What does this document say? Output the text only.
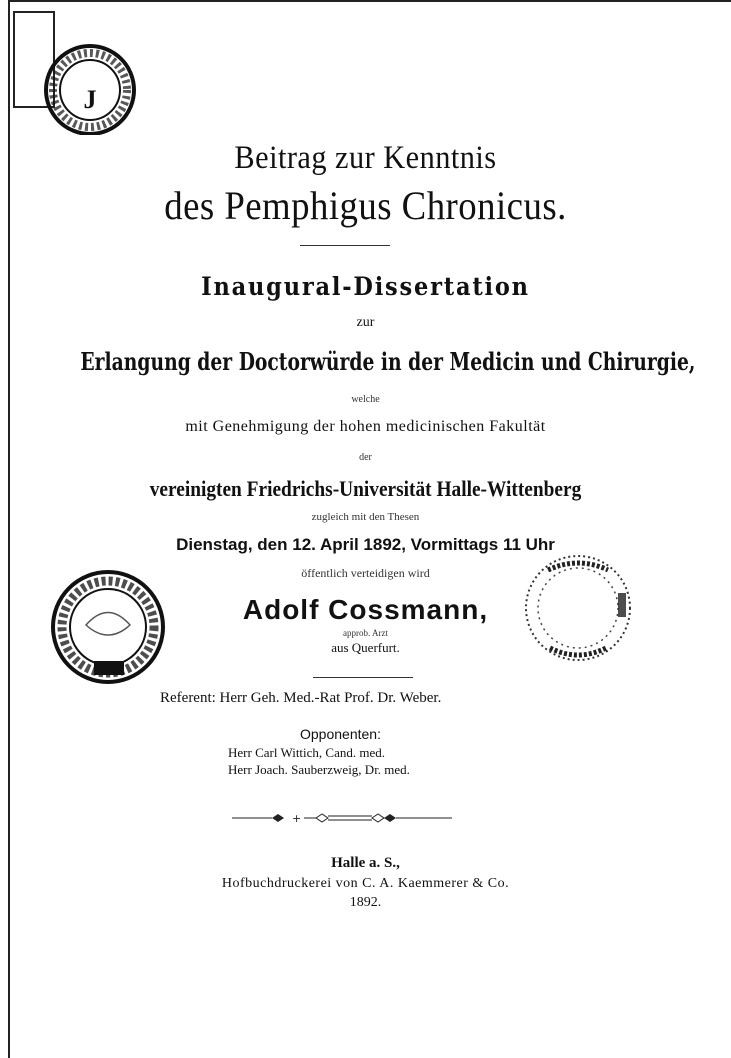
J
Beitrag zur Kenntnis
des Pemphigus Chronicus.
Inaugural-Dissertation
zur
Erlangung der Doctorwürde in der Medicin und Chirurgie,
welche
mit Genehmigung der hohen medicinischen Fakultät
der
vereinigten Friedrichs-Universität Halle-Wittenberg
zugleich mit den Thesen
Dienstag, den 12. April 1892, Vormittags 11 Uhr
öffentlich verteidigen wird
Adolf Cossmann,
approb. Arzt
aus Querfurt.
Referent: Herr Geh. Med.-Rat Prof. Dr. Weber.
Opponenten:
Herr Carl Wittich, Cand. med.
Herr Joach. Sauberzweig, Dr. med.
+
Halle a. S.,
Hofbuchdruckerei von C. A. Kaemmerer & Co.
1892.
